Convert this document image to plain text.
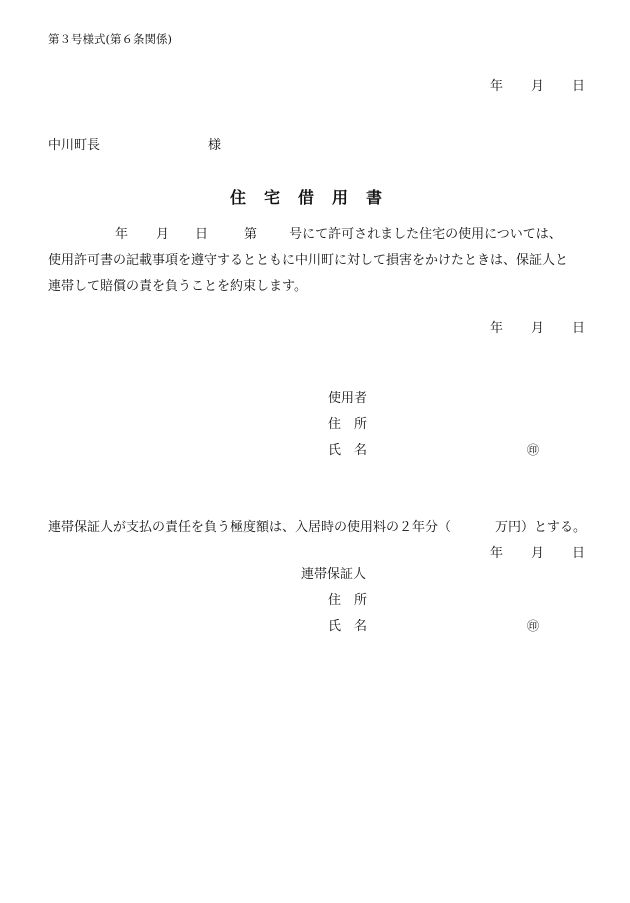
第３号様式(第６条関係)
年 月 日
中川町長	様
住 宅 借 用 書
年 月 日	第 号にて許可されました住宅の使用については、
使用許可書の記載事項を遵守するとともに中川町に対して損害をかけたときは、保証人と
連帯して賠償の責を負うことを約束します。
年 月 日
使用者
住　所
氏　名	㊞
連帯保証人が支払の責任を負う極度額は、入居時の使用料の２年分（	万円）とする。
年 月 日
連帯保証人
住　所
氏　名	㊞
